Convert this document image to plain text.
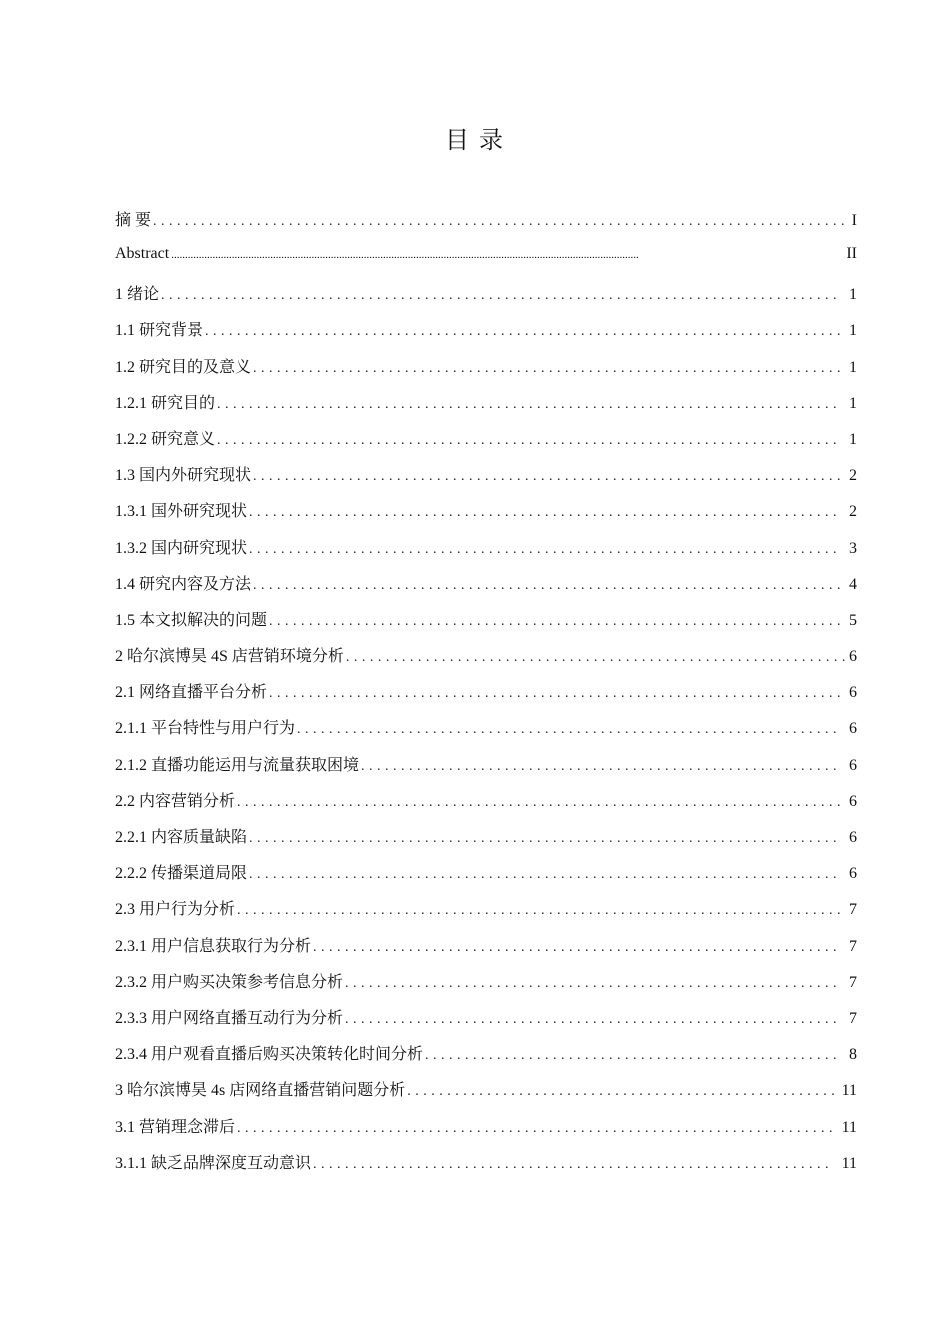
目 录
摘 要 .....	I
Abstract .....	II
1 绪论 .....	1
1.1 研究背景 .....	1
1.2 研究目的及意义 .....	1
1.2.1 研究目的 .....	1
1.2.2 研究意义 .....	1
1.3 国内外研究现状 .....	2
1.3.1 国外研究现状 .....	2
1.3.2 国内研究现状 .....	3
1.4 研究内容及方法 .....	4
1.5 本文拟解决的问题 .....	5
2 哈尔滨博昊 4S 店营销环境分析 .....	6
2.1 网络直播平台分析 .....	6
2.1.1 平台特性与用户行为 .....	6
2.1.2 直播功能运用与流量获取困境 .....	6
2.2 内容营销分析 .....	6
2.2.1 内容质量缺陷 .....	6
2.2.2 传播渠道局限 .....	6
2.3 用户行为分析 .....	7
2.3.1 用户信息获取行为分析 .....	7
2.3.2 用户购买决策参考信息分析 .....	7
2.3.3 用户网络直播互动行为分析 .....	7
2.3.4 用户观看直播后购买决策转化时间分析 .....	8
3 哈尔滨博昊 4s 店网络直播营销问题分析 .....	11
3.1 营销理念滞后 .....	11
3.1.1 缺乏品牌深度互动意识 .....	11
